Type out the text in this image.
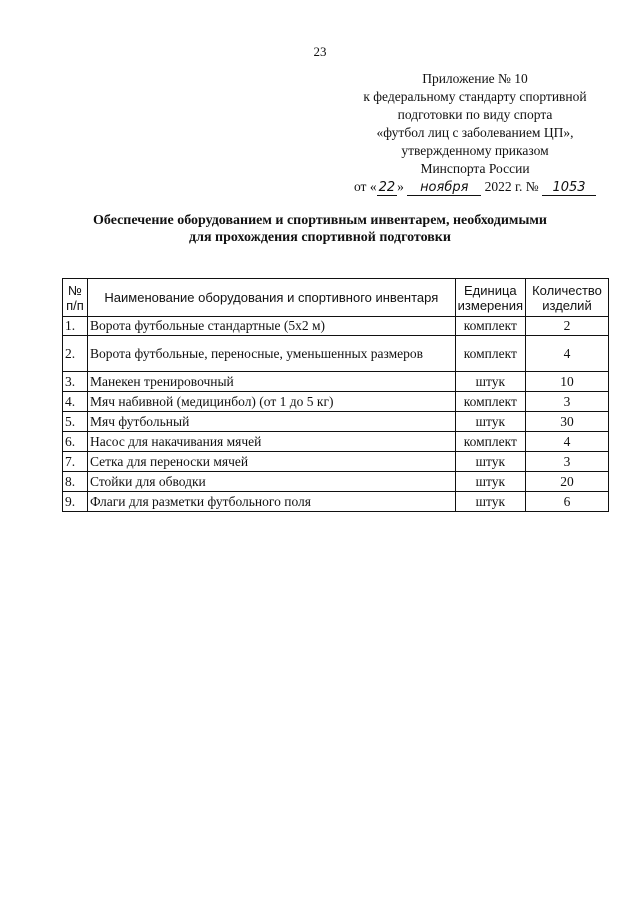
23
Приложение № 10
к федеральному стандарту спортивной
подготовки по виду спорта
«футбол лиц с заболеванием ЦП»,
утвержденному приказом
Минспорта России
от « 22 » ноября 2022 г. № 1053
Обеспечение оборудованием и спортивным инвентарем, необходимыми
для прохождения спортивной подготовки
№ п/п	Наименование оборудования и спортивного инвентаря	Единица измерения	Количество изделий
1.	Ворота футбольные стандартные (5х2 м)	комплект	2
2.	Ворота футбольные, переносные, уменьшенных размеров	комплект	4
3.	Манекен тренировочный	штук	10
4.	Мяч набивной (медицинбол) (от 1 до 5 кг)	комплект	3
5.	Мяч футбольный	штук	30
6.	Насос для накачивания мячей	комплект	4
7.	Сетка для переноски мячей	штук	3
8.	Стойки для обводки	штук	20
9.	Флаги для разметки футбольного поля	штук	6
